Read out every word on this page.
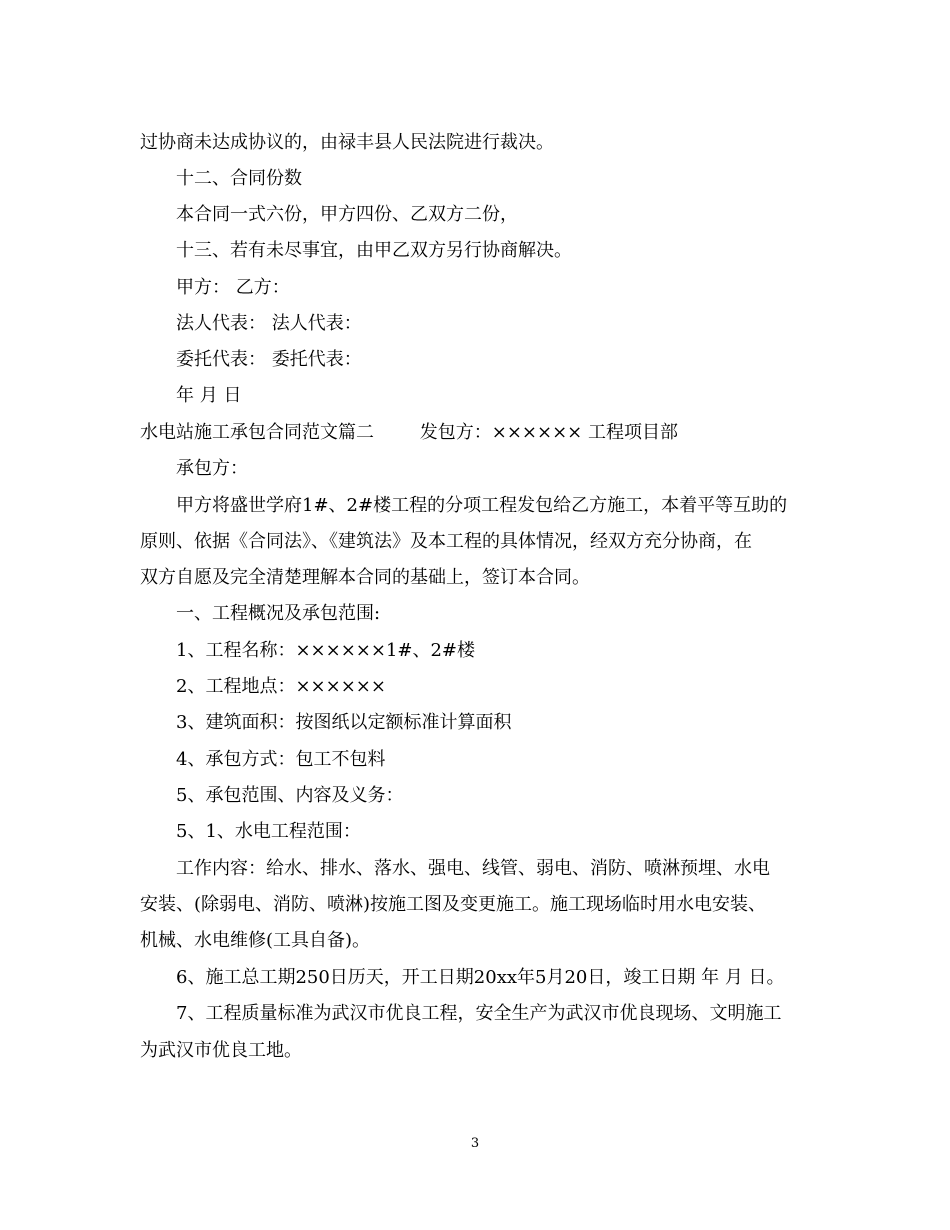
过协商未达成协议的，由禄丰县人民法院进行裁决。
十二、合同份数
本合同一式六份，甲方四份、乙双方二份，
十三、若有未尽事宜，由甲乙双方另行协商解决。
甲方： 乙方：
法人代表： 法人代表：
委托代表： 委托代表：
年 月 日
水电站施工承包合同范文篇二        发包方：×××××× 工程项目部
承包方：
甲方将盛世学府1#、2#楼工程的分项工程发包给乙方施工，本着平等互助的
原则、依据《合同法》、《建筑法》及本工程的具体情况，经双方充分协商，在
双方自愿及完全清楚理解本合同的基础上，签订本合同。
一、工程概况及承包范围:
1、工程名称：××××××1#、2#楼
2、工程地点：××××××
3、建筑面积：按图纸以定额标准计算面积
4、承包方式：包工不包料
5、承包范围、内容及义务：
5、1、水电工程范围：
工作内容：给水、排水、落水、强电、线管、弱电、消防、喷淋预埋、水电
安装、(除弱电、消防、喷淋)按施工图及变更施工。施工现场临时用水电安装、
机械、水电维修(工具自备)。
6、施工总工期250日历天，开工日期20xx年5月20日，竣工日期 年 月 日。
7、工程质量标准为武汉市优良工程，安全生产为武汉市优良现场、文明施工
为武汉市优良工地。
3
